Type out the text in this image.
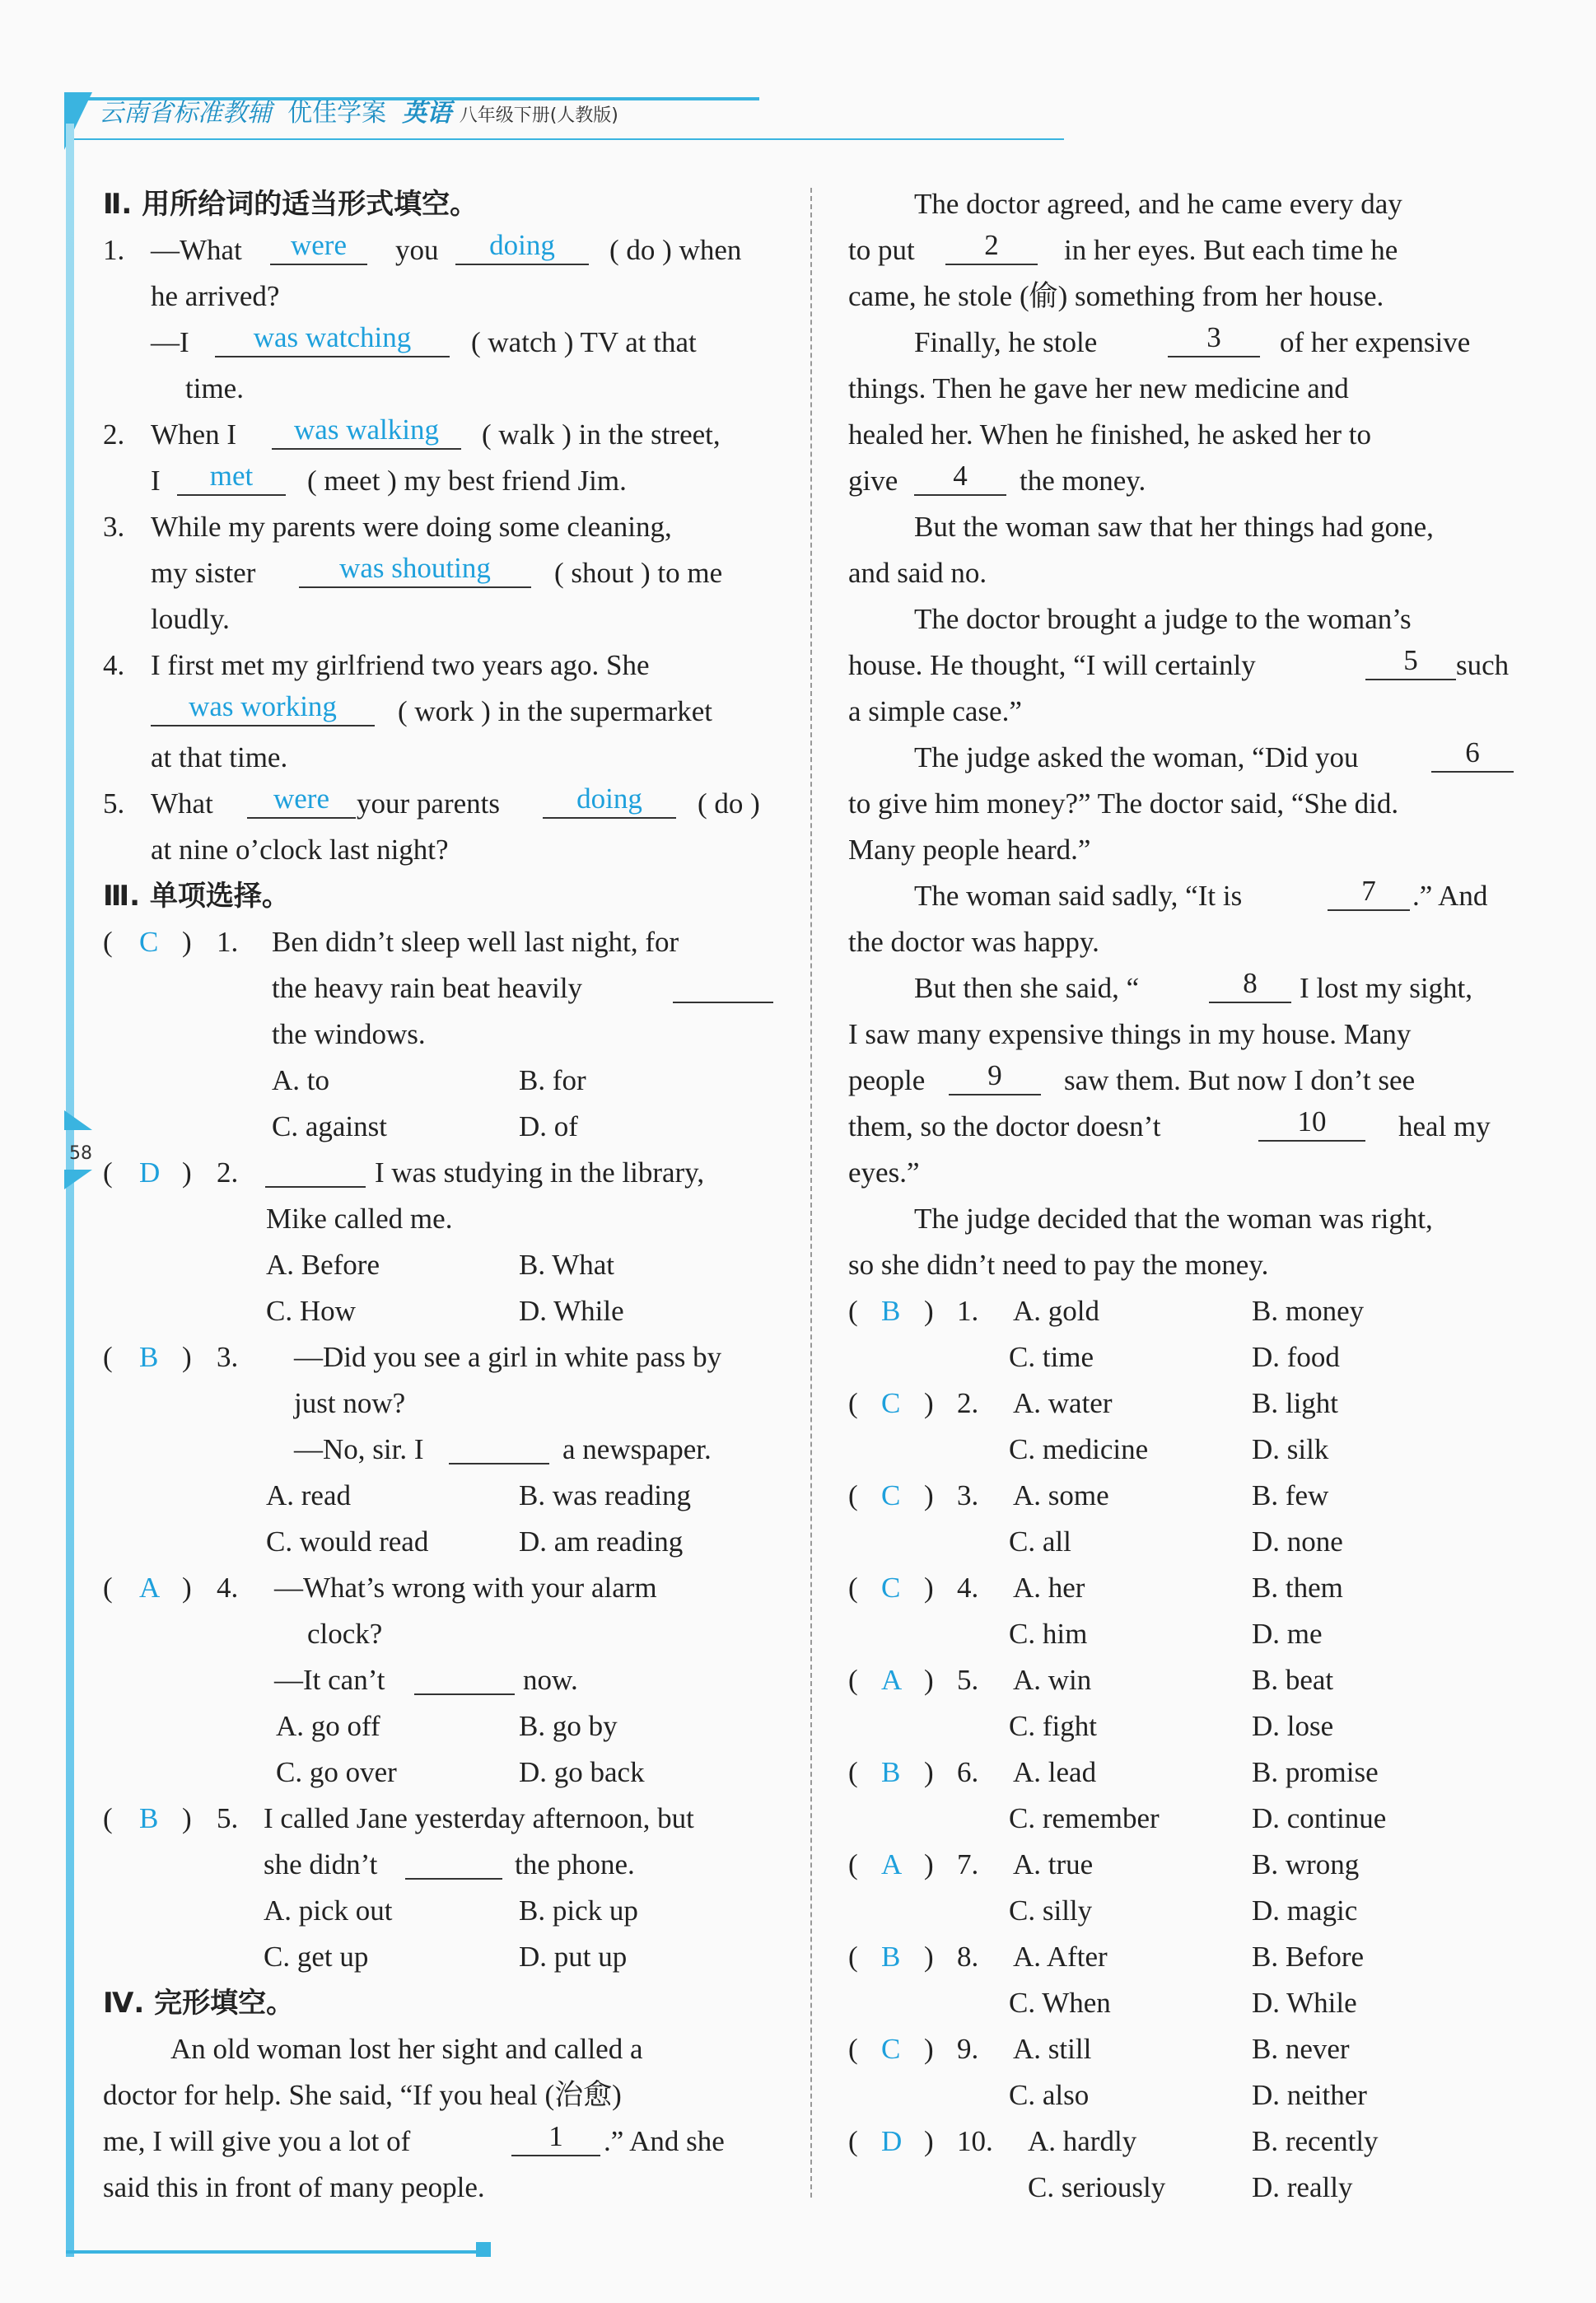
云南省标准教辅 优佳学案 英语 八年级下册(人教版)
58
Ⅱ. 用所给词的适当形式填空。
1. —What	were	you	doing	( do ) when
he arrived?
—I	was watching	( watch ) TV at that
time.
2. When I	was walking	( walk ) in the street,
I	met	( meet ) my best friend Jim.
3. While my parents were doing some cleaning,
my sister	was shouting	( shout ) to me
loudly.
4. I first met my girlfriend two years ago. She
was working	( work ) in the supermarket
at that time.
5. What	were your parents	doing	( do )
at nine o’clock last night?
Ⅲ. 单项选择。
( C ) 1. Ben didn’t sleep well last night, for
the heavy rain beat heavily

the windows.
A. to	B. for
C. against	D. of
( D ) 2.
	I was studying in the library,
Mike called me.
A. Before	B. What
C. How	D. While
( B ) 3. —Did you see a girl in white pass by
just now?
—No, sir. I
	a newspaper.
A. read	B. was reading
C. would read	D. am reading
( A ) 4. —What’s wrong with your alarm
clock?
—It can’t
	now.
A. go off	B. go by
C. go over	D. go back
( B ) 5. I called Jane yesterday afternoon, but
she didn’t
	the phone.
A. pick out	B. pick up
C. get up	D. put up
Ⅳ. 完形填空。
An old woman lost her sight and called a
doctor for help. She said, “If you heal (治愈)
me, I will give you a lot of	1	.” And she
said this in front of many people.
The doctor agreed, and he came every day
to put	2	in her eyes. But each time he
came, he stole (偷) something from her house.
Finally, he stole	3	of her expensive
things. Then he gave her new medicine and
healed her. When he finished, he asked her to
give	4	the money.
But the woman saw that her things had gone,
and said no.
The doctor brought a judge to the woman’s
house. He thought, “I will certainly	5	such
a simple case.”
The judge asked the woman, “Did you	6
to give him money?” The doctor said, “She did.
Many people heard.”
The woman said sadly, “It is	7	.” And
the doctor was happy.
But then she said, “	8	I lost my sight,
I saw many expensive things in my house. Many
people	9	saw them. But now I don’t see
them, so the doctor doesn’t	10	heal my
eyes.”
The judge decided that the woman was right,
so she didn’t need to pay the money.
( B ) 1. A. gold	B. money
C. time	D. food
( C ) 2. A. water	B. light
C. medicine	D. silk
( C ) 3. A. some	B. few
C. all	D. none
( C ) 4. A. her	B. them
C. him	D. me
( A ) 5. A. win	B. beat
C. fight	D. lose
( B ) 6. A. lead	B. promise
C. remember	D. continue
( A ) 7. A. true	B. wrong
C. silly	D. magic
( B ) 8. A. After	B. Before
C. When	D. While
( C ) 9. A. still	B. never
C. also	D. neither
( D ) 10. A. hardly	B. recently
C. seriously	D. really
